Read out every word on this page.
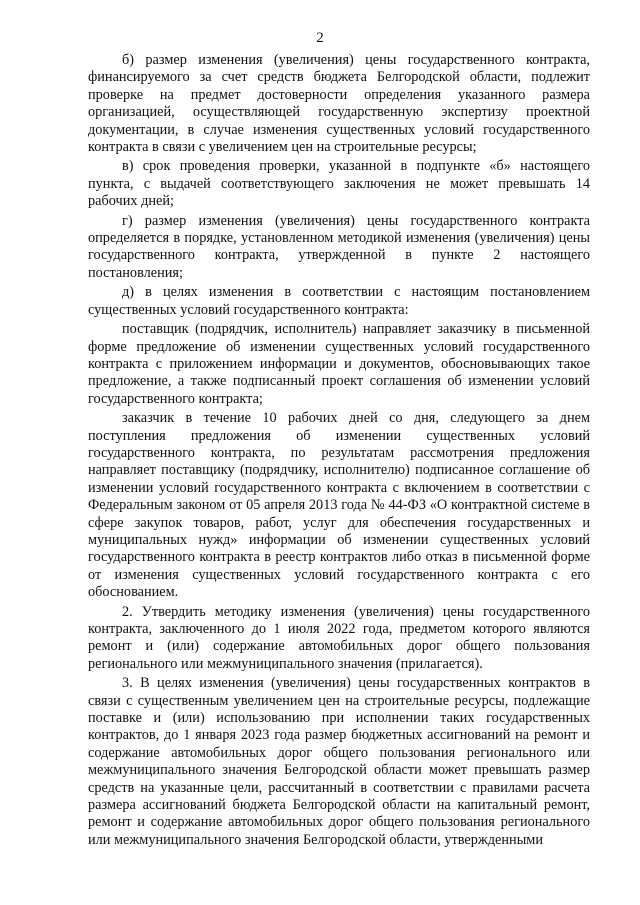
2

б) размер изменения (увеличения) цены государственного контракта, финансируемого за счет средств бюджета Белгородской области, подлежит проверке на предмет достоверности определения указанного размера организацией, осуществляющей государственную экспертизу проектной документации, в случае изменения существенных условий государственного контракта в связи с увеличением цен на строительные ресурсы;

в) срок проведения проверки, указанной в подпункте «б» настоящего пункта, с выдачей соответствующего заключения не может превышать 14 рабочих дней;

г) размер изменения (увеличения) цены государственного контракта определяется в порядке, установленном методикой изменения (увеличения) цены государственного контракта, утвержденной в пункте 2 настоящего постановления;

д) в целях изменения в соответствии с настоящим постановлением существенных условий государственного контракта:

поставщик (подрядчик, исполнитель) направляет заказчику в письменной форме предложение об изменении существенных условий государственного контракта с приложением информации и документов, обосновывающих такое предложение, а также подписанный проект соглашения об изменении условий государственного контракта;

заказчик в течение 10 рабочих дней со дня, следующего за днем поступления предложения об изменении существенных условий государственного контракта, по результатам рассмотрения предложения направляет поставщику (подрядчику, исполнителю) подписанное соглашение об изменении условий государственного контракта с включением в соответствии с Федеральным законом от 05 апреля 2013 года № 44-ФЗ «О контрактной системе в сфере закупок товаров, работ, услуг для обеспечения государственных и муниципальных нужд» информации об изменении существенных условий государственного контракта в реестр контрактов либо отказ в письменной форме от изменения существенных условий государственного контракта с его обоснованием.

2. Утвердить методику изменения (увеличения) цены государственного контракта, заключенного до 1 июля 2022 года, предметом которого являются ремонт и (или) содержание автомобильных дорог общего пользования регионального или межмуниципального значения (прилагается).

3. В целях изменения (увеличения) цены государственных контрактов в связи с существенным увеличением цен на строительные ресурсы, подлежащие поставке и (или) использованию при исполнении таких государственных контрактов, до 1 января 2023 года размер бюджетных ассигнований на ремонт и содержание автомобильных дорог общего пользования регионального или межмуниципального значения Белгородской области может превышать размер средств на указанные цели, рассчитанный в соответствии с правилами расчета размера ассигнований бюджета Белгородской области на капитальный ремонт, ремонт и содержание автомобильных дорог общего пользования регионального или межмуниципального значения Белгородской области, утвержденными
